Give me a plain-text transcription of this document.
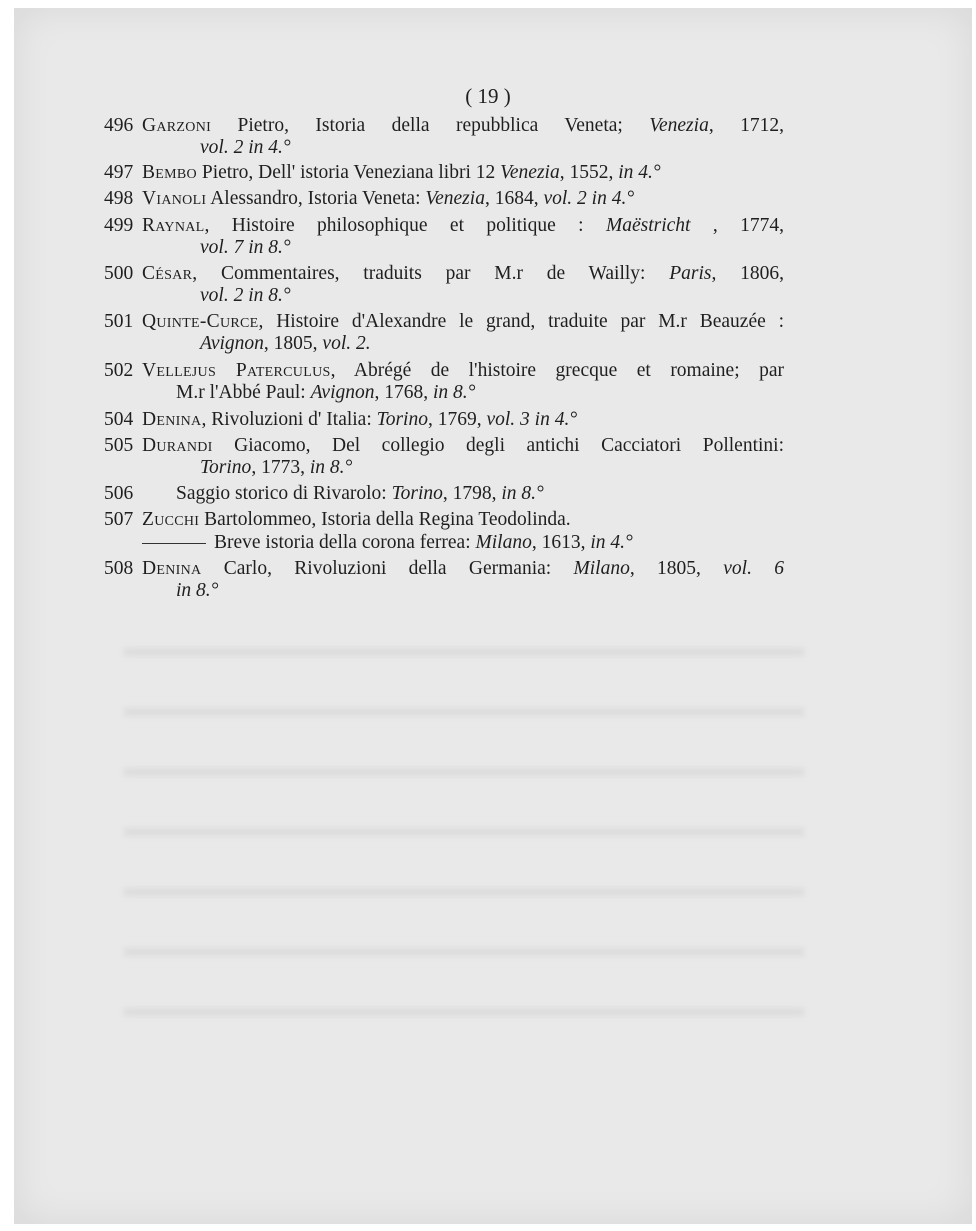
( 19 )
496 Garzoni Pietro, Istoria della repubblica Veneta; Venezia, 1712,
vol. 2 in 4.°
497 Bembo Pietro, Dell' istoria Veneziana libri 12 Venezia, 1552, in 4.°
498 Vianoli Alessandro, Istoria Veneta: Venezia, 1684, vol. 2 in 4.°
499 Raynal, Histoire philosophique et politique : Maëstricht , 1774,
vol. 7 in 8.°
500 César, Commentaires, traduits par M.r de Wailly: Paris, 1806,
vol. 2 in 8.°
501 Quinte-Curce, Histoire d'Alexandre le grand, traduite par M.r Beauzée :
Avignon, 1805, vol. 2.
502 Vellejus Paterculus, Abrégé de l'histoire grecque et romaine; par
M.r l'Abbé Paul: Avignon, 1768, in 8.°
504 Denina, Rivoluzioni d' Italia: Torino, 1769, vol. 3 in 4.°
505 Durandi Giacomo, Del collegio degli antichi Cacciatori Pollentini:
Torino, 1773, in 8.°
506 Saggio storico di Rivarolo: Torino, 1798, in 8.°
507 Zucchi Bartolommeo, Istoria della Regina Teodolinda.
Breve istoria della corona ferrea: Milano, 1613, in 4.°
508 Denina Carlo, Rivoluzioni della Germania: Milano, 1805, vol. 6
in 8.°
